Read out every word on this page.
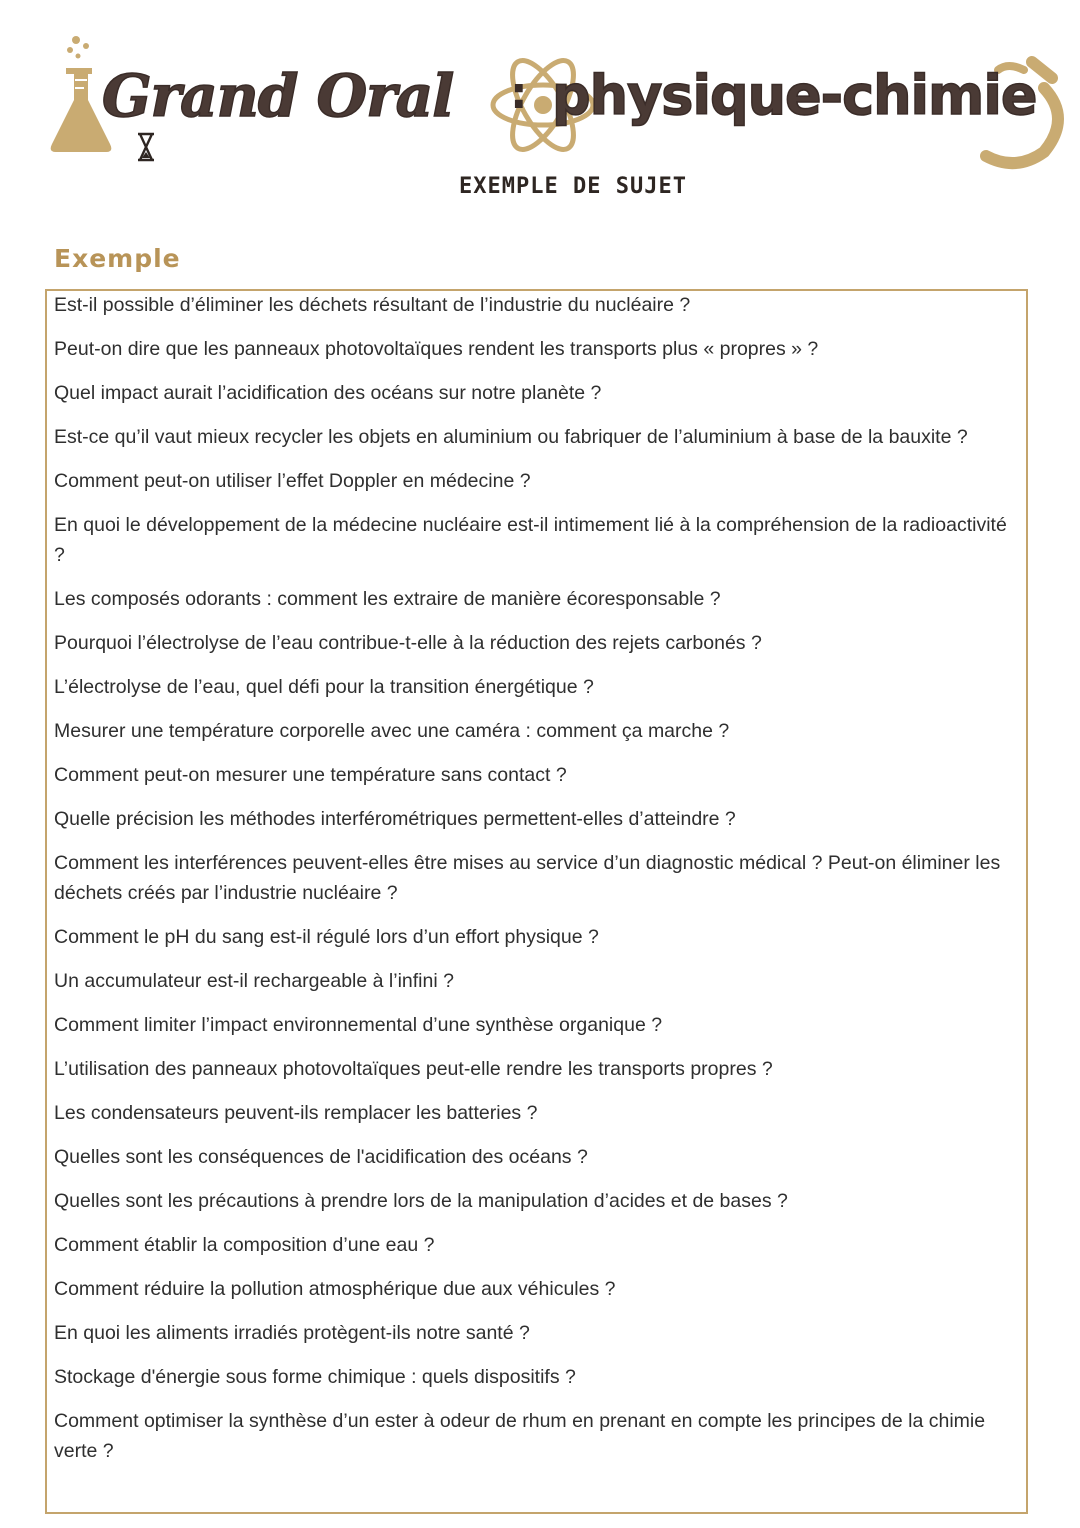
Grand Oral : physique-chimie
EXEMPLE DE SUJET
Exemple
Est-il possible d’éliminer les déchets résultant de l’industrie du nucléaire ?
Peut-on dire que les panneaux photovoltaïques rendent les transports plus « propres » ?
Quel impact aurait l’acidification des océans sur notre planète ?
Est-ce qu’il vaut mieux recycler les objets en aluminium ou fabriquer de l’aluminium à base de la bauxite ?
Comment peut-on utiliser l’effet Doppler en médecine ?
En quoi le développement de la médecine nucléaire est-il intimement lié à la compréhension de la radioactivité ?
Les composés odorants : comment les extraire de manière écoresponsable ?
Pourquoi l’électrolyse de l’eau contribue-t-elle à la réduction des rejets carbonés ?
L’électrolyse de l’eau, quel défi pour la transition énergétique ?
Mesurer une température corporelle avec une caméra : comment ça marche ?
Comment peut-on mesurer une température sans contact ?
Quelle précision les méthodes interférométriques permettent-elles d’atteindre ?
Comment les interférences peuvent-elles être mises au service d’un diagnostic médical ? Peut-on éliminer les déchets créés par l’industrie nucléaire ?
Comment le pH du sang est-il régulé lors d’un effort physique ?
Un accumulateur est-il rechargeable à l’infini ?
Comment limiter l’impact environnemental d’une synthèse organique ?
L’utilisation des panneaux photovoltaïques peut-elle rendre les transports propres ?
Les condensateurs peuvent-ils remplacer les batteries ?
Quelles sont les conséquences de l'acidification des océans ?
Quelles sont les précautions à prendre lors de la manipulation d’acides et de bases ?
Comment établir la composition d’une eau ?
Comment réduire la pollution atmosphérique due aux véhicules ?
En quoi les aliments irradiés protègent-ils notre santé ?
Stockage d'énergie sous forme chimique : quels dispositifs ?
Comment optimiser la synthèse d’un ester à odeur de rhum en prenant en compte les principes de la chimie verte ?
